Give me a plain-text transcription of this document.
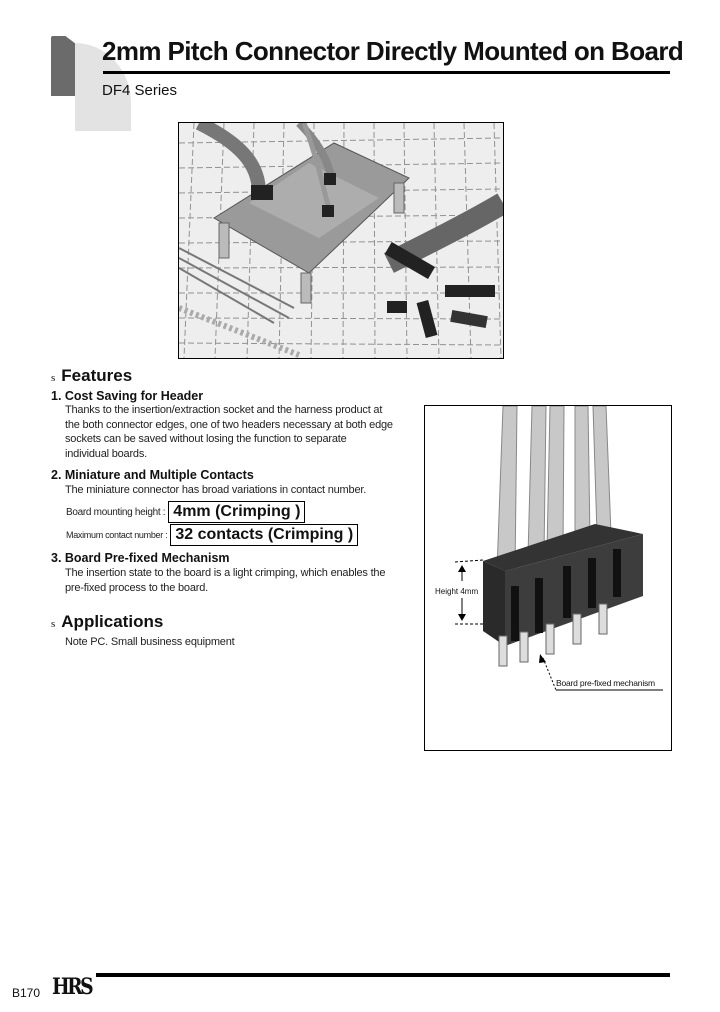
2mm Pitch Connector Directly Mounted on Board
DF4 Series
s Features
1. Cost Saving for Header
Thanks to the insertion/extraction socket and the harness product at
the both connector edges, one of two headers necessary at both edge
sockets can be saved without losing the function to separate
individual boards.
2. Miniature and Multiple Contacts
The miniature connector has broad variations in contact number.
Board mounting height : 4mm (Crimping )
Maximum contact number : 32 contacts (Crimping )
3. Board Pre-fixed Mechanism
The insertion state to the board is a light crimping, which enables the
pre-fixed process to the board.
s Applications
Note PC. Small business equipment
Height 4mm
Board pre-fixed mechanism
B170 HRS
